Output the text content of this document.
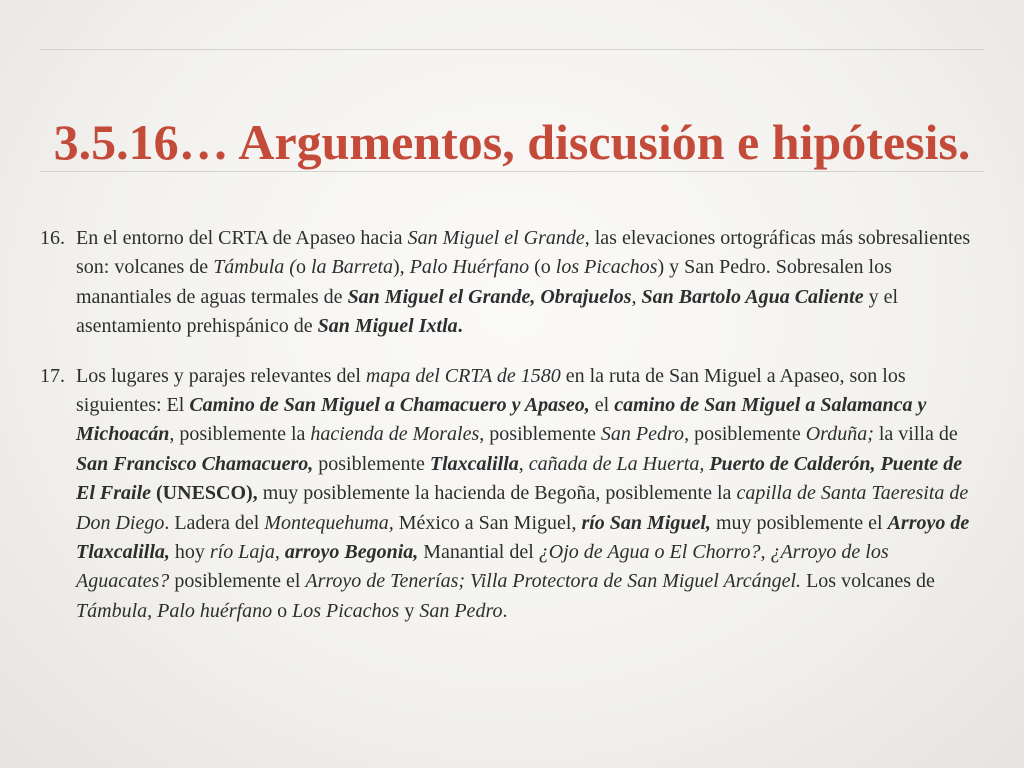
3.5.16… Argumentos, discusión e hipótesis.
16. En el entorno del CRTA de Apaseo hacia San Miguel el Grande, las elevaciones ortográficas más sobresalientes son: volcanes de Támbula (o la Barreta), Palo Huérfano (o los Picachos) y San Pedro. Sobresalen los manantiales de aguas termales de San Miguel el Grande, Obrajuelos, San Bartolo Agua Caliente y el asentamiento prehispánico de San Miguel Ixtla.
17. Los lugares y parajes relevantes del mapa del CRTA de 1580 en la ruta de San Miguel a Apaseo, son los siguientes: El Camino de San Miguel a Chamacuero y Apaseo, el camino de San Miguel a Salamanca y Michoacán, posiblemente la hacienda de Morales, posiblemente San Pedro, posiblemente Orduña; la villa de San Francisco Chamacuero, posiblemente Tlaxcalilla, cañada de La Huerta, Puerto de Calderón, Puente de El Fraile (UNESCO), muy posiblemente la hacienda de Begoña, posiblemente la capilla de Santa Taeresita de Don Diego. Ladera del Montequehuma, México a San Miguel, río San Miguel, muy posiblemente el Arroyo de Tlaxcalilla, hoy río Laja, arroyo Begonia, Manantial del ¿Ojo de Agua o El Chorro?, ¿Arroyo de los Aguacates? posiblemente el Arroyo de Tenerías; Villa Protectora de San Miguel Arcángel. Los volcanes de Támbula, Palo huérfano o Los Picachos y San Pedro.
